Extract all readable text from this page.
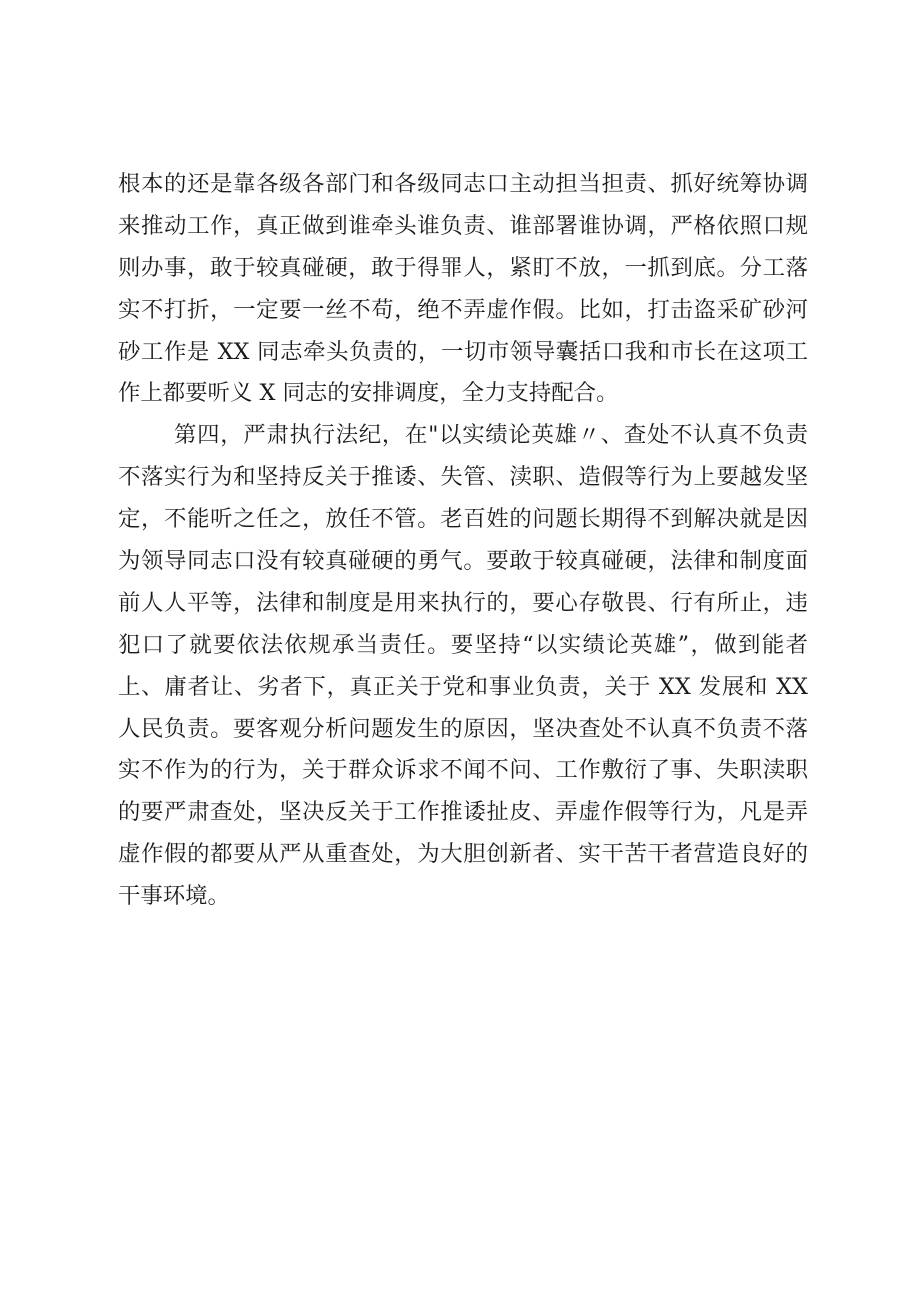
根本的还是靠各级各部门和各级同志口主动担当担责、抓好统筹协调
来推动工作，真正做到谁牵头谁负责、谁部署谁协调，严格依照口规
则办事，敢于较真碰硬，敢于得罪人，紧盯不放，一抓到底。分工落
实不打折，一定要一丝不苟，绝不弄虚作假。比如，打击盗采矿砂河
砂工作是 XX 同志牵头负责的，一切市领导囊括口我和市长在这项工
作上都要听义 X 同志的安排调度，全力支持配合。
第四，严肃执行法纪，在"以实绩论英雄〃、查处不认真不负责
不落实行为和坚持反关于推诿、失管、渎职、造假等行为上要越发坚
定，不能听之任之，放任不管。老百姓的问题长期得不到解决就是因
为领导同志口没有较真碰硬的勇气。要敢于较真碰硬，法律和制度面
前人人平等，法律和制度是用来执行的，要心存敬畏、行有所止，违
犯口了就要依法依规承当责任。要坚持“以实绩论英雄”，做到能者
上、庸者让、劣者下，真正关于党和事业负责，关于 XX 发展和 XX
人民负责。要客观分析问题发生的原因，坚决查处不认真不负责不落
实不作为的行为，关于群众诉求不闻不问、工作敷衍了事、失职渎职
的要严肃查处，坚决反关于工作推诿扯皮、弄虚作假等行为，凡是弄
虚作假的都要从严从重查处，为大胆创新者、实干苦干者营造良好的
干事环境。
